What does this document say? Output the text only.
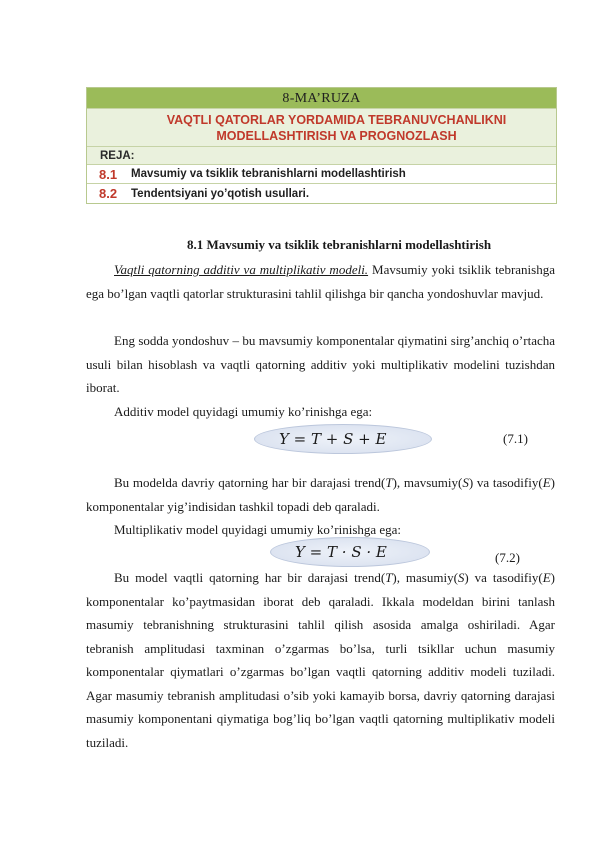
8-MA’RUZA
VAQTLI QATORLAR YORDAMIDA TEBRANUVCHANLIKNI
MODELLASHTIRISH VA PROGNOZLASH
REJA:
8.1	Mavsumiy va tsiklik tebranishlarni modellashtirish
8.2	Tendentsiyani yo’qotish usullari.
8.1 Mavsumiy va tsiklik tebranishlarni modellashtirish

Vaqtli qatorning additiv va multiplikativ modeli. Mavsumiy yoki tsiklik tebranishga ega bo’lgan vaqtli qatorlar strukturasini tahlil qilishga bir qancha yondoshuvlar mavjud.

Eng sodda yondoshuv – bu mavsumiy komponentalar qiymatini sirg’anchiq o’rtacha usuli bilan hisoblash va vaqtli qatorning additiv yoki multiplikativ modelini tuzishdan iborat.

Additiv model quyidagi umumiy ko’rinishga ega:

Y = T + S + E	(7.1)

Bu modelda davriy qatorning har bir darajasi trend(T), mavsumiy(S) va tasodifiy(E) komponentalar yig’indisidan tashkil topadi deb qaraladi.

Multiplikativ model quyidagi umumiy ko’rinishga ega:

Y = T · S · E	(7.2)

Bu model vaqtli qatorning har bir darajasi trend(T), masumiy(S) va tasodifiy(E) komponentalar ko’paytmasidan iborat deb qaraladi. Ikkala modeldan birini tanlash masumiy tebranishning strukturasini tahlil qilish asosida amalga oshiriladi. Agar tebranish amplitudasi taxminan o’zgarmas bo’lsa, turli tsikllar uchun masumiy komponentalar qiymatlari o’zgarmas bo’lgan vaqtli qatorning additiv modeli tuziladi. Agar masumiy tebranish amplitudasi o’sib yoki kamayib borsa, davriy qatorning darajasi masumiy komponentani qiymatiga bog’liq bo’lgan vaqtli qatorning multiplikativ modeli tuziladi.
